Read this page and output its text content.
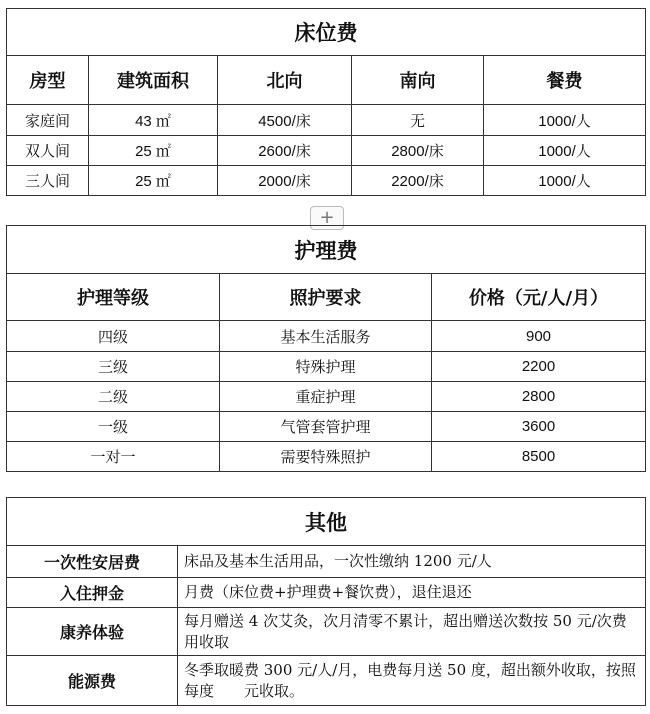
床位费				
房型	建筑面积	北向	南向	餐费
家庭间	43 ㎡	4500/床	无	1000/人
双人间	25 ㎡	2600/床	2800/床	1000/人
三人间	25 ㎡	2000/床	2200/床	1000/人
+
护理费		
护理等级	照护要求	价格（元/人/月）
四级	基本生活服务	900
三级	特殊护理	2200
二级	重症护理	2800
一级	气管套管护理	3600
一对一	需要特殊照护	8500
其他	
一次性安居费	床品及基本生活用品，一次性缴纳 1200 元/人
入住押金	月费（床位费+护理费+餐饮费），退住退还
康养体验	每月赠送 4 次艾灸，次月清零不累计，超出赠送次数按 50 元/次费用收取
能源费	冬季取暖费 300 元/人/月，电费每月送 50 度，超出额外收取，按照每度　　元收取。
